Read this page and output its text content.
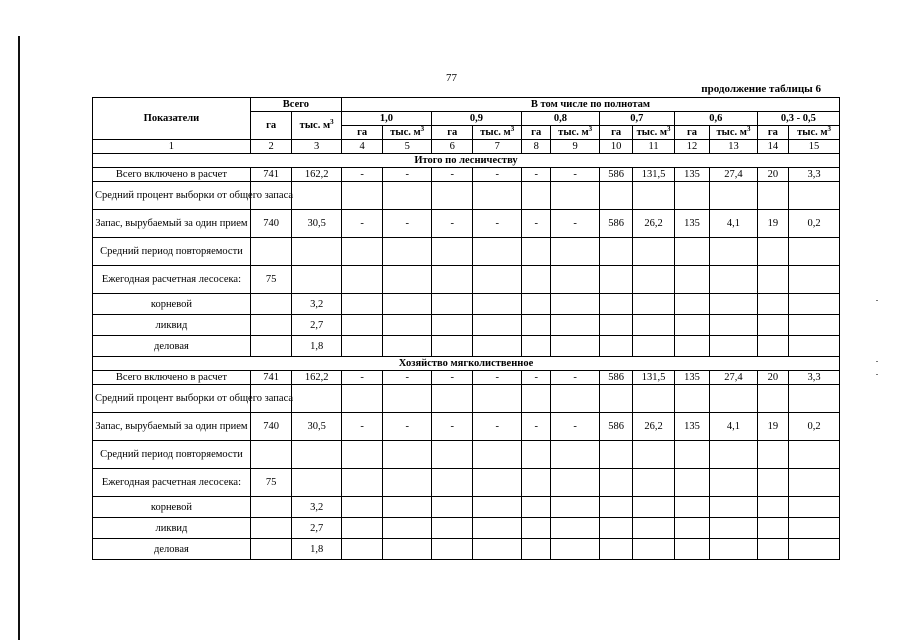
77
продолжение таблицы 6
Показатели	Всего		В том числе по полнотам											
	га	тыс. $м^3$	1,0		0,9		0,8		0,7		0,6		0,3 - 0,5	
			га	тыс. $м^3$	га	тыс. $м^3$	га	тыс. $м^3$	га	тыс. $м^3$	га	тыс. $м^3$	га	тыс. $м^3$
1	2	3	4	5	6	7	8	9	10	11	12	13	14	15
Итого по лесничеству														
Всего включено в расчет	741	162,2	-	-	-	-	-	-	586	131,5	135	27,4	20	3,3
Средний процент выборки от общего запаса														
Запас, вырубаемый за один прием	740	30,5	-	-	-	-	-	-	586	26,2	135	4,1	19	0,2
Средний период повторяемости														
Ежегодная расчетная лесосека:	75													
корневой		3,2												
ликвид		2,7												
деловая		1,8												
Хозяйство мягколиственное														
Всего включено в расчет	741	162,2	-	-	-	-	-	-	586	131,5	135	27,4	20	3,3
Средний процент выборки от общего запаса														
Запас, вырубаемый за один прием	740	30,5	-	-	-	-	-	-	586	26,2	135	4,1	19	0,2
Средний период повторяемости														
Ежегодная расчетная лесосека:	75													
корневой		3,2												
ликвид		2,7												
деловая		1,8												
